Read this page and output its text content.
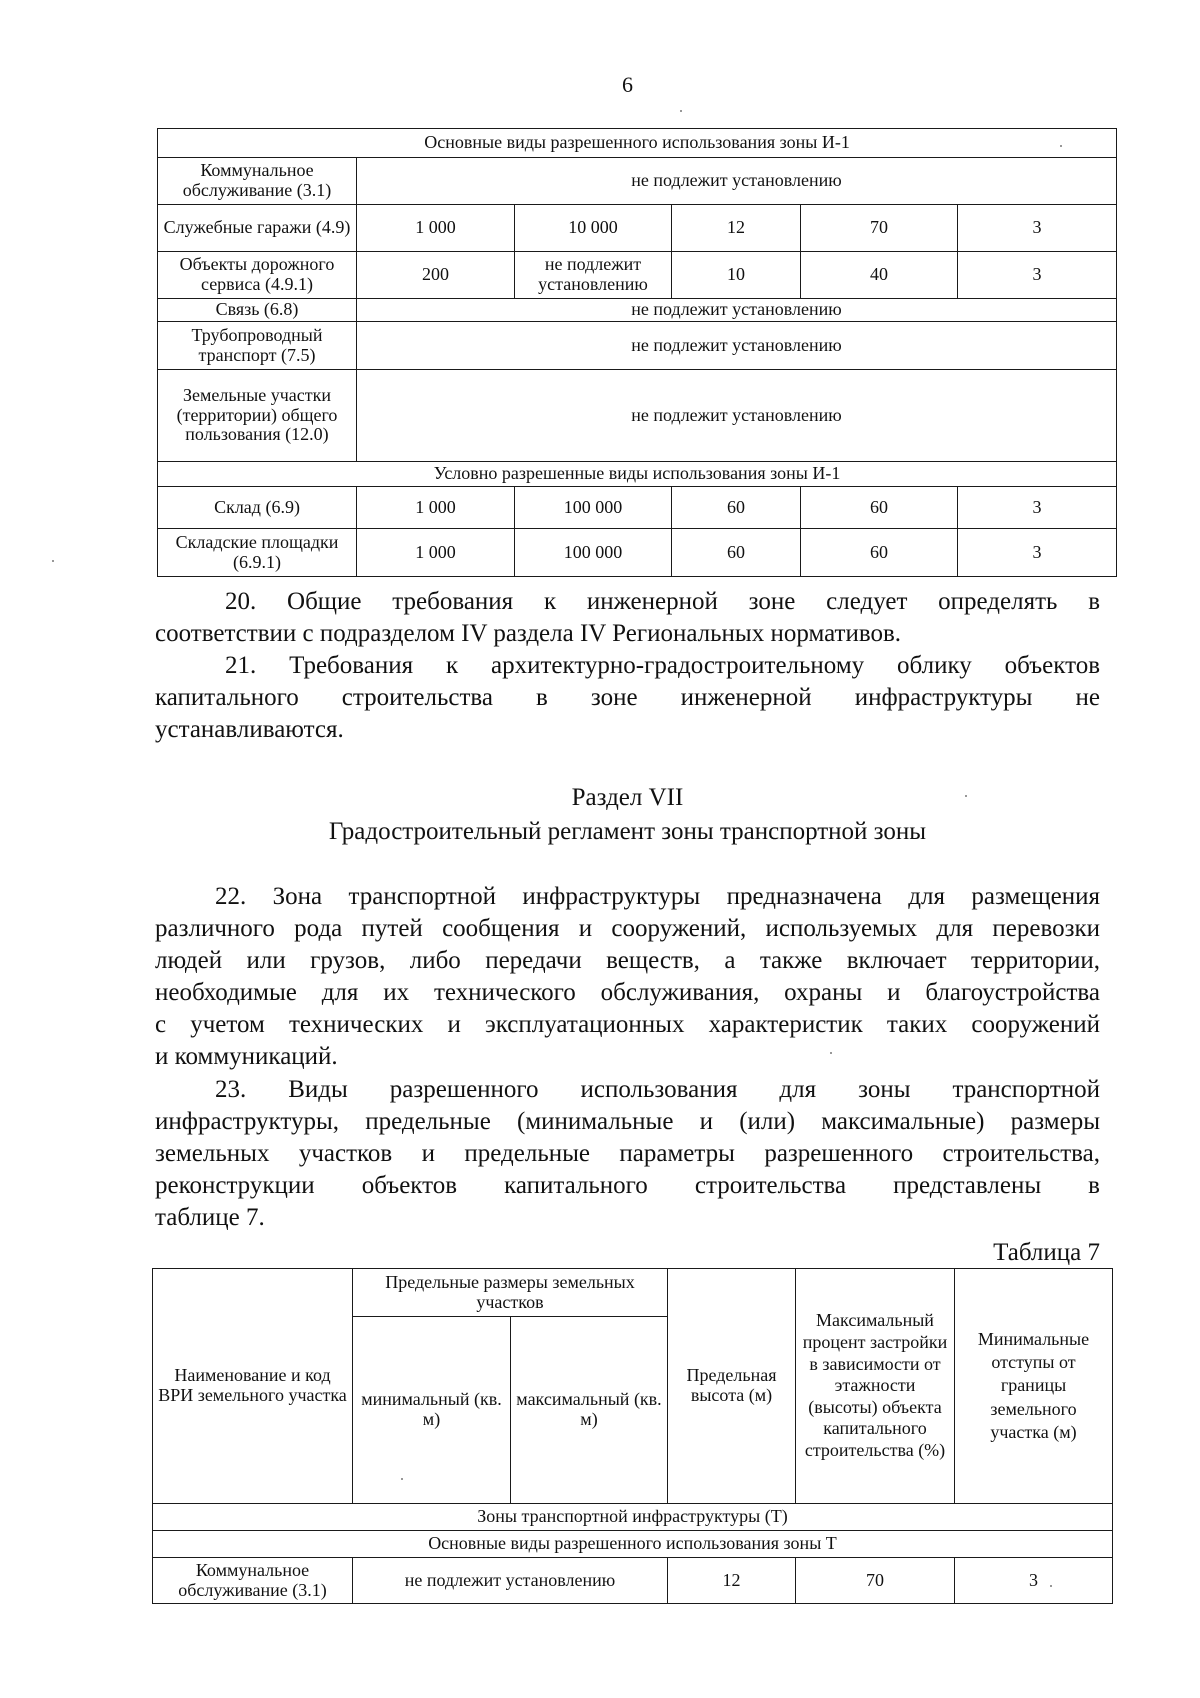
6
Основные виды разрешенного использования зоны И-1					
Коммунальное обслуживание (3.1)	не подлежит установлению				
Служебные гаражи (4.9)	1 000	10 000	12	70	3
Объекты дорожного сервиса (4.9.1)	200	не подлежит установлению	10	40	3
Связь (6.8)	не подлежит установлению				
Трубопроводный транспорт (7.5)	не подлежит установлению				
Земельные участки (территории) общего пользования (12.0)	не подлежит установлению				
Условно разрешенные виды использования зоны И-1					
Склад (6.9)	1 000	100 000	60	60	3
Складские площадки (6.9.1)	1 000	100 000	60	60	3
20. Общие требования к инженерной зоне следует определять в
соответствии с подразделом IV раздела IV Региональных нормативов.
21. Требования к архитектурно-градостроительному облику объектов
капитального строительства в зоне инженерной инфраструктуры не
устанавливаются.
Раздел VII
Градостроительный регламент зоны транспортной зоны
22. Зона транспортной инфраструктуры предназначена для размещения
различного рода путей сообщения и сооружений, используемых для перевозки
людей или грузов, либо передачи веществ, а также включает территории,
необходимые для их технического обслуживания, охраны и благоустройства
с учетом технических и эксплуатационных характеристик таких сооружений
и коммуникаций.
23. Виды разрешенного использования для зоны транспортной
инфраструктуры, предельные (минимальные и (или) максимальные) размеры
земельных участков и предельные параметры разрешенного строительства,
реконструкции объектов капитального строительства представлены в
таблице 7.
Таблица 7
Наименование и код ВРИ земельного участка	Предельные размеры земельных участков		Предельная высота (м)	Максимальный процент застройки в зависимости от этажности (высоты) объекта капитального строительства (%)	Минимальные отступы от границы земельного участка (м)
	минимальный (кв. м)	максимальный (кв. м)			
Зоны транспортной инфраструктуры (Т)					
Основные виды разрешенного использования зоны Т					
Коммунальное обслуживание (3.1)	не подлежит установлению		12	70	3
